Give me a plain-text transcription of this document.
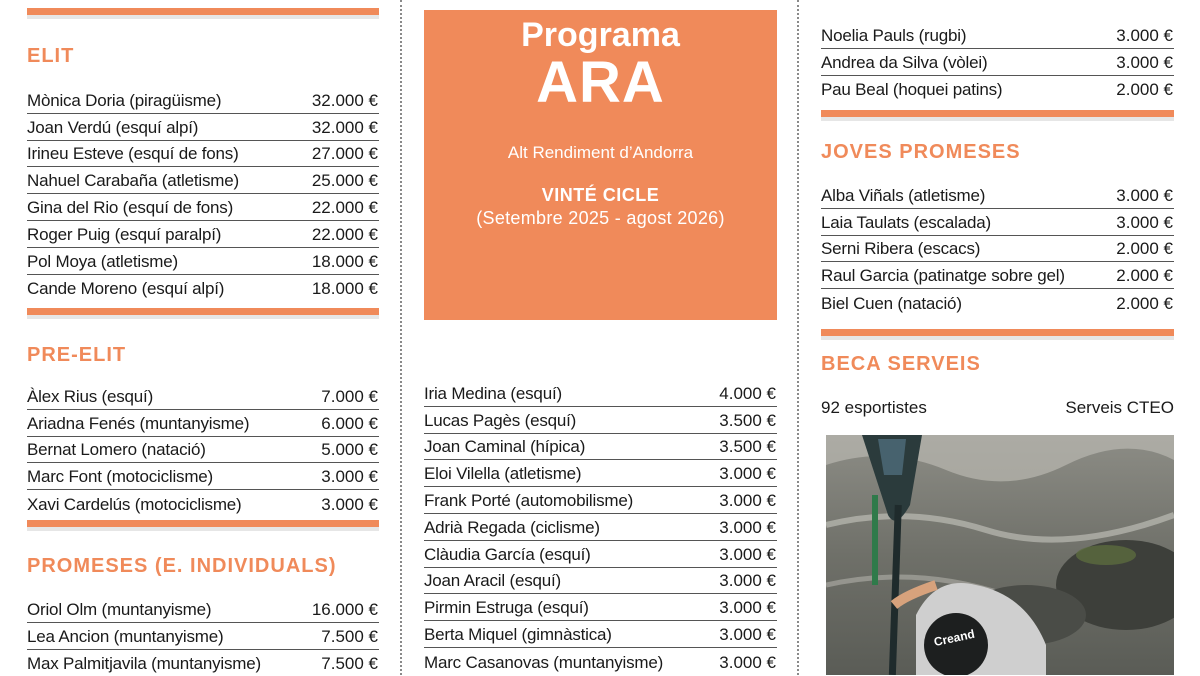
ELIT
Mònica Doria (piragüisme)	32.000 €
Joan Verdú (esquí alpí)	32.000 €
Irineu Esteve (esquí de fons)	27.000 €
Nahuel Carabaña (atletisme)	25.000 €
Gina del Rio (esquí de fons)	22.000 €
Roger Puig (esquí paralpí)	22.000 €
Pol Moya (atletisme)	18.000 €
Cande Moreno (esquí alpí)	18.000 €
PRE-ELIT
Àlex Rius (esquí)	7.000 €
Ariadna Fenés (muntanyisme)	6.000 €
Bernat Lomero (natació)	5.000 €
Marc Font (motociclisme)	3.000 €
Xavi Cardelús (motociclisme)	3.000 €
PROMESES (E. INDIVIDUALS)
Oriol Olm (muntanyisme)	16.000 €
Lea Ancion (muntanyisme)	7.500 €
Max Palmitjavila (muntanyisme)	7.500 €
Programa
ARA
Alt Rendiment d’Andorra
VINTÉ CICLE
(Setembre 2025 - agost 2026)
Iria Medina (esquí)	4.000 €
Lucas Pagès (esquí)	3.500 €
Joan Caminal (hípica)	3.500 €
Eloi Vilella (atletisme)	3.000 €
Frank Porté (automobilisme)	3.000 €
Adrià Regada (ciclisme)	3.000 €
Clàudia García (esquí)	3.000 €
Joan Aracil (esquí)	3.000 €
Pirmin Estruga (esquí)	3.000 €
Berta Miquel (gimnàstica)	3.000 €
Marc Casanovas (muntanyisme)	3.000 €
Noelia Pauls (rugbi)	3.000 €
Andrea da Silva (vòlei)	3.000 €
Pau Beal (hoquei patins)	2.000 €
JOVES PROMESES
Alba Viñals (atletisme)	3.000 €
Laia Taulats (escalada)	3.000 €
Serni Ribera (escacs)	2.000 €
Raul Garcia (patinatge sobre gel)	2.000 €
Biel Cuen (natació)	2.000 €
BECA SERVEIS
92 esportistes	Serveis CTEO
Creand
